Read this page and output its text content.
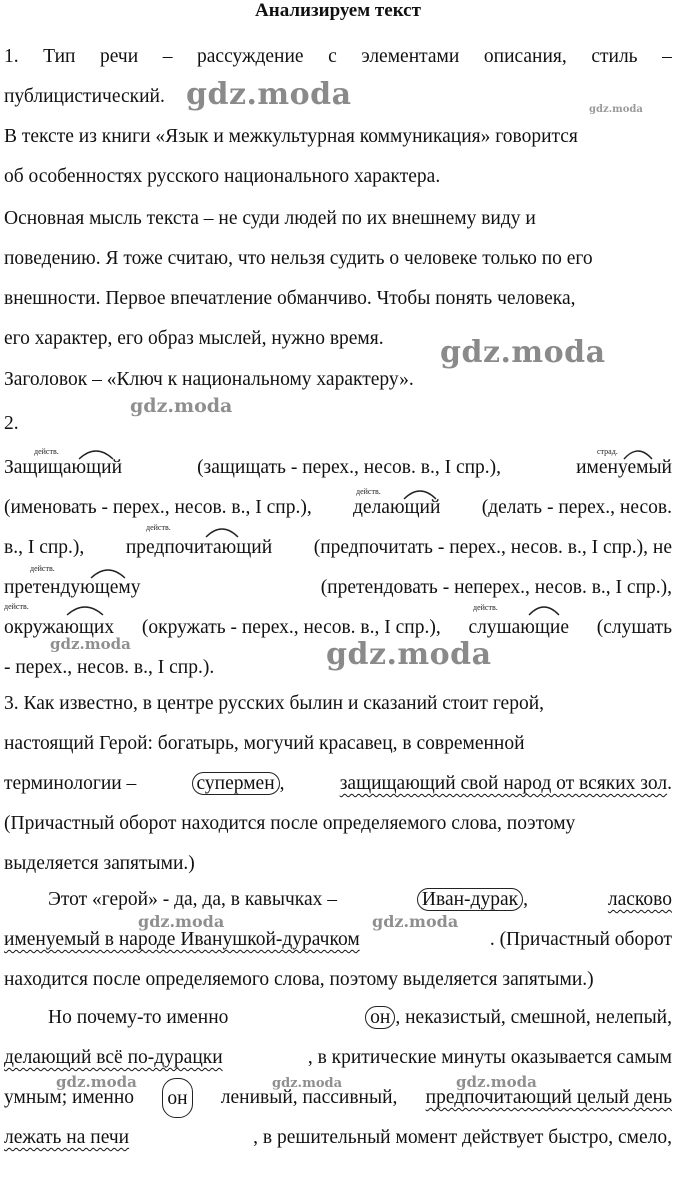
Анализируем текст
1. Тип речи – рассуждение с элементами описания, стиль –
публицистический.
В тексте из книги «Язык и межкультурная коммуникация» говорится
об особенностях русского национального характера.
Основная мысль текста – не суди людей по их внешнему виду и
поведению. Я тоже считаю, что нельзя судить о человеке только по его
внешности. Первое впечатление обманчиво. Чтобы понять человека,
его характер, его образ мыслей, нужно время.
Заголовок – «Ключ к национальному характеру».
2.
Защищающий	(защищать - перех., несов. в., I спр.),	именуемый
(именовать - перех., несов. в., I спр.), делающий (делать - перех., несов.
в., I спр.), предпочитающий (предпочитать - перех., несов. в., I спр.), не
претендующему	(претендовать - неперех., несов. в., I спр.),
окружающих (окружать - перех., несов. в., I спр.), слушающие (слушать
- перех., несов. в., I спр.).
действ.	страд.
действ.
действ.
действ.
действ.	действ.
3. Как известно, в центре русских былин и сказаний стоит герой,
настоящий Герой: богатырь, могучий красавец, в современной
терминологии –	супермен ,	защищающий свой народ от всяких зол.
(Причастный оборот находится после определяемого слова, поэтому
выделяется запятыми.)
Этот «герой» - да, да, в кавычках –	Иван-дурак ,	ласково
именуемый в народе Иванушкой-дурачком	. (Причастный оборот
находится после определяемого слова, поэтому выделяется запятыми.)
Но почему-то именно	он , неказистый, смешной, нелепый,
делающий всё по-дурацки	, в критические минуты оказывается самым
умным; именно он ленивый, пассивный, предпочитающий целый день
лежать на печи	, в решительный момент действует быстро, смело,
gdz.moda	gdz.moda
gdz.moda
gdz.moda
gdz.moda	gdz.moda
gdz.moda	gdz.moda
gdz.moda	gdz.moda	gdz.moda
